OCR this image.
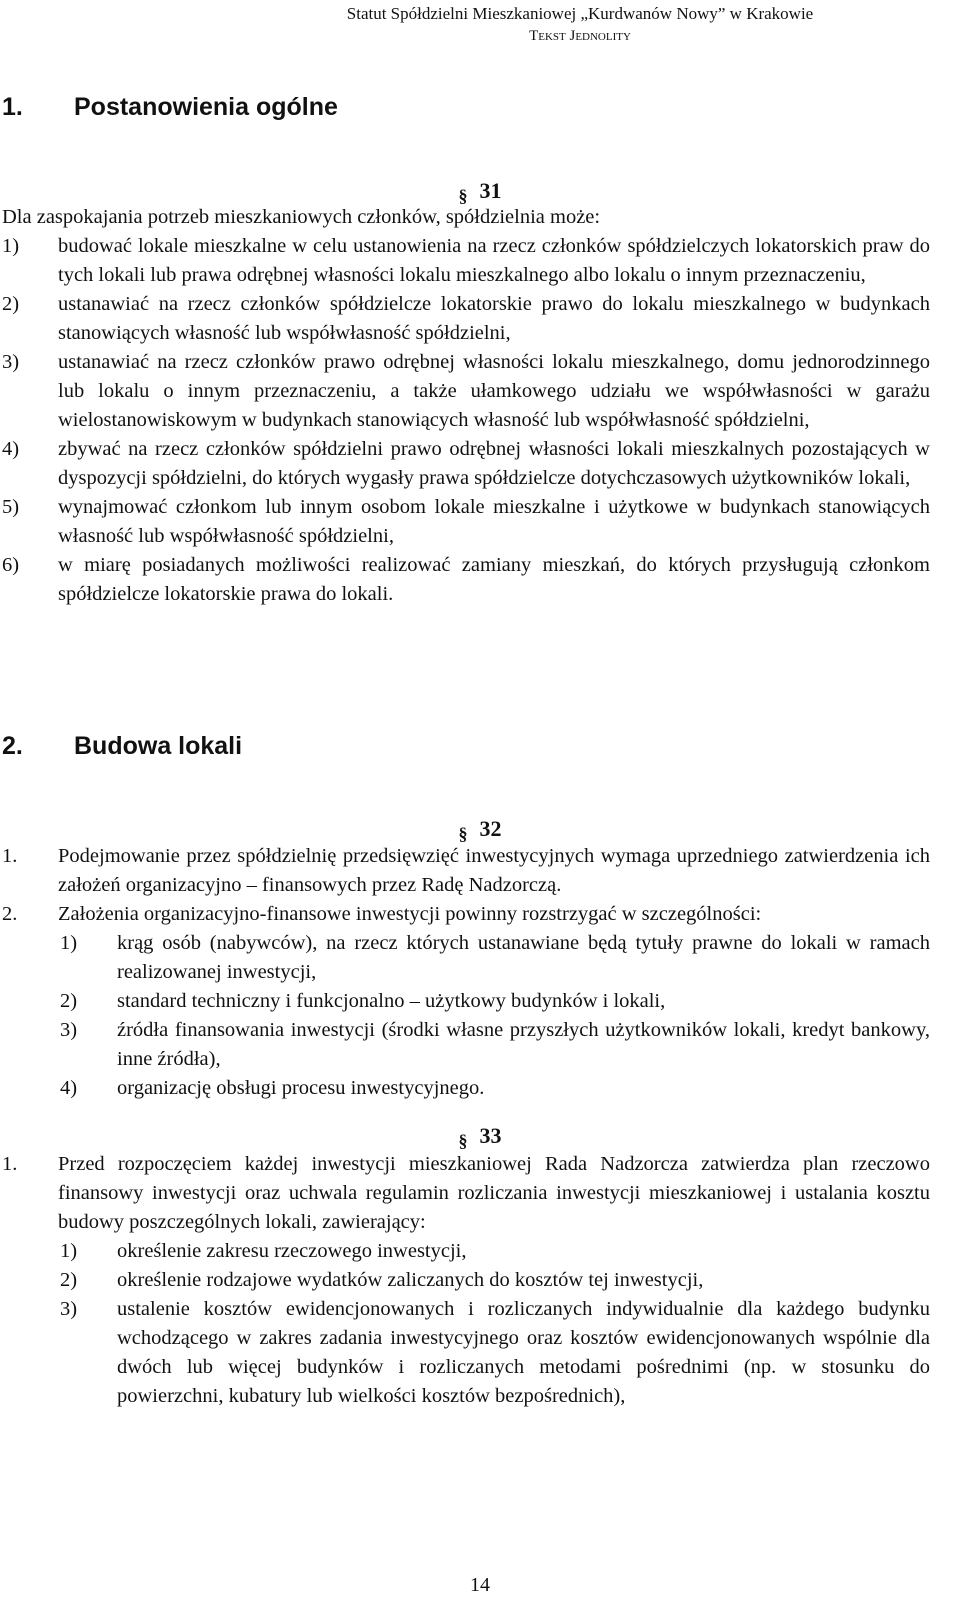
Statut Spółdzielni Mieszkaniowej „Kurdwanów Nowy” w Krakowie
Tekst Jednolity
1. Postanowienia ogólne
§ 31
Dla zaspokajania potrzeb mieszkaniowych członków, spółdzielnia może:
1) budować lokale mieszkalne w celu ustanowienia na rzecz członków spółdzielczych lokatorskich praw do tych lokali lub prawa odrębnej własności lokalu mieszkalnego albo lokalu o innym przeznaczeniu,
2) ustanawiać na rzecz członków spółdzielcze lokatorskie prawo do lokalu mieszkalnego w budynkach stanowiących własność lub współwłasność spółdzielni,
3) ustanawiać na rzecz członków prawo odrębnej własności lokalu mieszkalnego, domu jednorodzinnego lub lokalu o innym przeznaczeniu, a także ułamkowego udziału we współwłasności w garażu wielostanowiskowym w budynkach stanowiących własność lub współwłasność spółdzielni,
4) zbywać na rzecz członków spółdzielni prawo odrębnej własności lokali mieszkalnych pozostających w dyspozycji spółdzielni, do których wygasły prawa spółdzielcze dotychczasowych użytkowników lokali,
5) wynajmować członkom lub innym osobom lokale mieszkalne i użytkowe w budynkach stanowiących własność lub współwłasność spółdzielni,
6) w miarę posiadanych możliwości realizować zamiany mieszkań, do których przysługują członkom spółdzielcze lokatorskie prawa do lokali.
2. Budowa lokali
§ 32
1. Podejmowanie przez spółdzielnię przedsięwzięć inwestycyjnych wymaga uprzedniego zatwierdzenia ich założeń organizacyjno – finansowych przez Radę Nadzorczą.
2. Założenia organizacyjno-finansowe inwestycji powinny rozstrzygać w szczególności:
1) krąg osób (nabywców), na rzecz których ustanawiane będą tytuły prawne do lokali w ramach realizowanej inwestycji,
2) standard techniczny i funkcjonalno – użytkowy budynków i lokali,
3) źródła finansowania inwestycji (środki własne przyszłych użytkowników lokali, kredyt bankowy, inne źródła),
4) organizację obsługi procesu inwestycyjnego.
§ 33
1. Przed rozpoczęciem każdej inwestycji mieszkaniowej Rada Nadzorcza zatwierdza plan rzeczowo finansowy inwestycji oraz uchwala regulamin rozliczania inwestycji mieszkaniowej i ustalania kosztu budowy poszczególnych lokali, zawierający:
1) określenie zakresu rzeczowego inwestycji,
2) określenie rodzajowe wydatków zaliczanych do kosztów tej inwestycji,
3) ustalenie kosztów ewidencjonowanych i rozliczanych indywidualnie dla każdego budynku wchodzącego w zakres zadania inwestycyjnego oraz kosztów ewidencjonowanych wspólnie dla dwóch lub więcej budynków i rozliczanych metodami pośrednimi (np. w stosunku do powierzchni, kubatury lub wielkości kosztów bezpośrednich),
14
